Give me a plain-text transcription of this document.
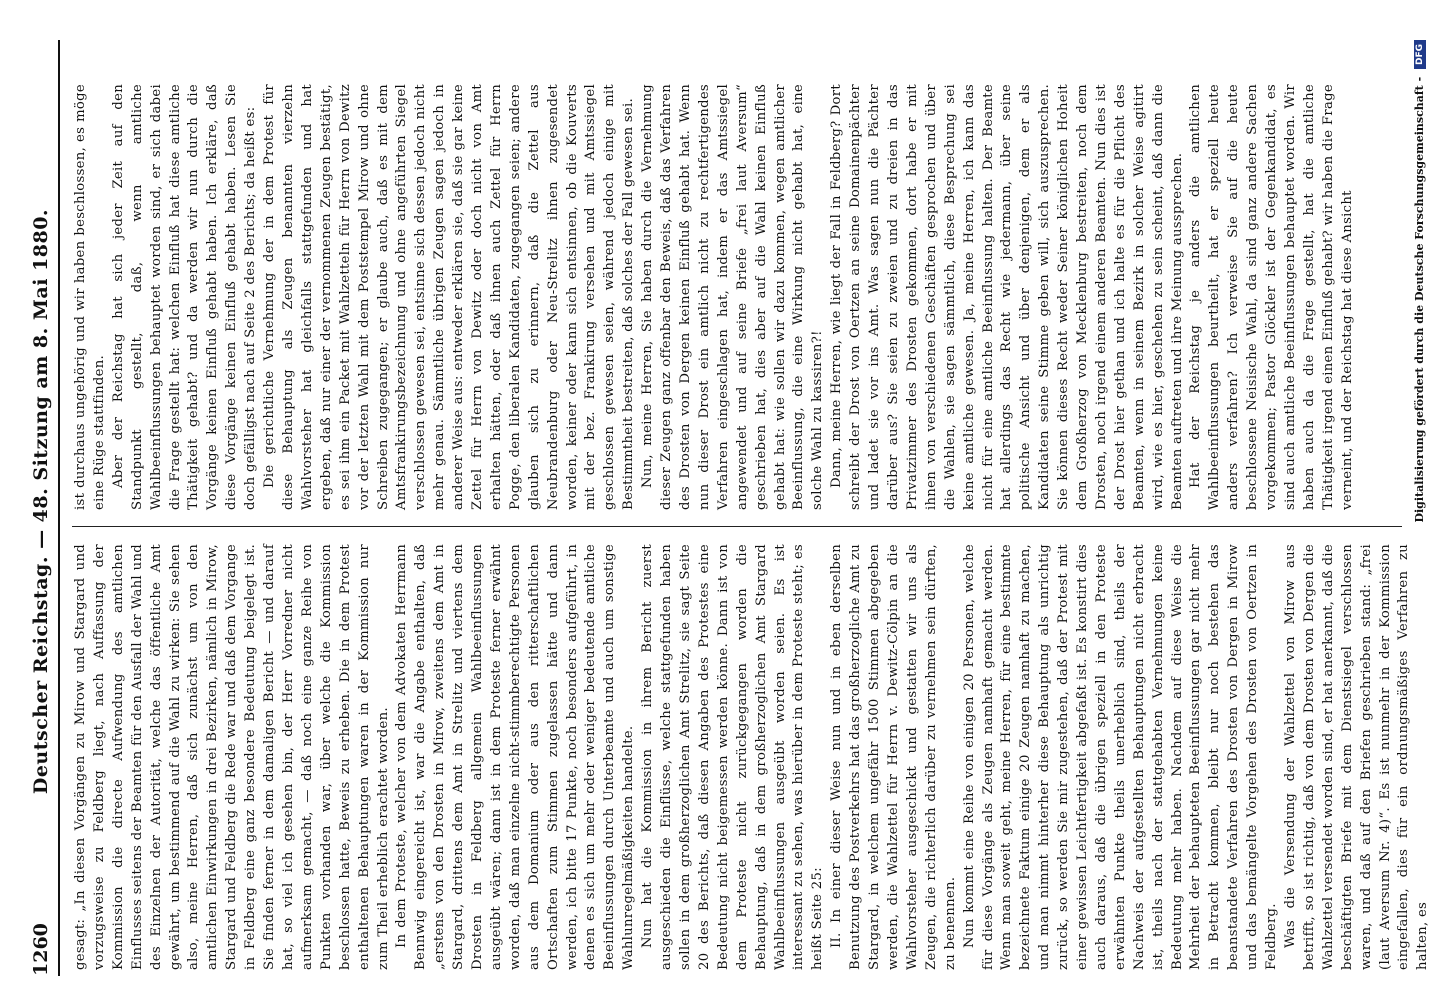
1260
Deutscher Reichstag. — 48. Sitzung am 8. Mai 1880. gesagt: „In diesen Vorgängen zu Mirow und Stargard und vorzugsweise zu Feldberg liegt, nach Auffassung der Kommission die directe Aufwendung des amtlichen Einflusses seitens der Beamten für den Ausfall der Wahl und des Einzelnen der Autorität, welche das öffentliche Amt gewährt, um bestimmend auf die Wahl zu wirken: Sie sehen also, meine Herren, daß sich zunächst um von den amtlichen Einwirkungen in drei Bezirken, nämlich in Mirow, Stargard und Feldberg die Rede war und daß dem Vorgange in Feldberg eine ganz besondere Bedeutung beigelegt ist. Sie finden ferner in dem damaligen Bericht — und darauf hat, so viel ich gesehen bin, der Herr Vorredner nicht aufmerksam gemacht, — daß noch eine ganze Reihe von Punkten vorhanden war, über welche die Kommission beschlossen hatte, Beweis zu erheben. Die in dem Protest enthaltenen Behauptungen waren in der Kommission nur zum Theil erheblich erachtet worden. In dem Proteste, welcher von dem Advokaten Herrmann Bennwig eingereicht ist, war die Angabe enthalten, daß „erstens von den Drosten in Mirow, zweitens dem Amt in Stargard, drittens dem Amt in Strelitz und viertens dem Drosten in Feldberg allgemein Wahlbeeinflussungen ausgeübt wären; dann ist in dem Proteste ferner erwähnt worden, daß man einzelne nicht-stimmberechtigte Personen aus dem Domanium oder aus den ritterschaftlichen Ortschaften zum Stimmen zugelassen hätte und dann werden, ich bitte 17 Punkte, noch besonders aufgeführt, in denen es sich um mehr oder weniger bedeutende amtliche Beeinflussungen durch Unterbeamte und auch um sonstige Wahlunregelmäßigkeiten handelte. Nun hat die Kommission in ihrem Bericht zuerst ausgeschieden die Einflüsse, welche stattgefunden haben sollen in dem großherzoglichen Amt Strelitz, sie sagt Seite 20 des Berichts, daß diesen Angaben des Protestes eine Bedeutung nicht beigemessen werden könne. Dann ist von dem Proteste nicht zurückgegangen worden die Behauptung, daß in dem großherzoglichen Amt Stargard Wahlbeeinflussungen ausgeübt worden seien. Es ist interessant zu sehen, was hierüber in dem Proteste steht; es heißt Seite 25: II. In einer dieser Weise nun und in eben derselben Benutzung des Postverkehrs hat das großherzogliche Amt zu Stargard, in welchem ungefähr 1500 Stimmen abgegeben werden, die Wahlzettel für Herrn v. Dewitz-Cölpin an die Wahlvorsteher ausgeschickt und gestatten wir uns als Zeugen, die richterlich darüber zu vernehmen sein dürften, zu benennen. Nun kommt eine Reihe von einigen 20 Personen, welche für diese Vorgänge als Zeugen namhaft gemacht werden. Wenn man soweit geht, meine Herren, für eine bestimmte bezeichnete Faktum einige 20 Zeugen namhaft zu machen, und man nimmt hinterher diese Behauptung als unrichtig zurück, so werden Sie mir zugestehen, daß der Protest mit einer gewissen Leichtfertigkeit abgefaßt ist. Es konstirt dies auch daraus, daß die übrigen speziell in den Proteste erwähnten Punkte theils unerheblich sind, theils der Nachweis der aufgestellten Behauptungen nicht erbracht ist, theils nach der stattgehabten Vernehmungen keine Bedeutung mehr haben. Nachdem auf diese Weise die Mehrheit der behaupteten Beeinflussungen gar nicht mehr in Betracht kommen, bleibt nur noch bestehen das beanstandete Verfahren des Drosten von Dergen in Mirow und das bemängelte Vorgehen des Drosten von Oertzen in Feldberg. Was die Versendung der Wahlzettel von Mirow aus betrifft, so ist richtig, daß von dem Drosten von Dergen die Wahlzettel versendet worden sind, er hat anerkannt, daß die beschäftigten Briefe mit dem Dienstsiegel verschlossen waren, und daß auf den Briefen geschrieben stand: „frei (laut Aversum Nr. 4)“. Es ist nunmehr in der Kommission eingefallen, dies für ein ordnungsmäßiges Verfahren zu halten, es

ist durchaus ungehörig und wir haben beschlossen, es möge eine Rüge stattfinden. Aber der Reichstag hat sich jeder Zeit auf den Standpunkt gestellt, daß, wenn amtliche Wahlbeeinflussungen behauptet worden sind, er sich dabei die Frage gestellt hat: welchen Einfluß hat diese amtliche Thätigkeit gehabt? und da werden wir nun durch die Vorgänge keinen Einfluß gehabt haben. Ich erkläre, daß diese Vorgänge keinen Einfluß gehabt haben. Lesen Sie doch gefälligst nach auf Seite 2 des Berichts; da heißt es: Die gerichtliche Vernehmung der in dem Protest für diese Behauptung als Zeugen benannten vierzehn Wahlvorsteher hat gleichfalls stattgefunden und hat ergeben, daß nur einer der vernommenen Zeugen bestätigt, es sei ihm ein Packet mit Wahlzetteln für Herrn von Dewitz vor der letzten Wahl mit dem Poststempel Mirow und ohne Schreiben zugegangen; er glaube auch, daß es mit dem Amtsfrankirungsbezeichnung und ohne angeführten Siegel verschlossen gewesen sei, entsinne sich dessen jedoch nicht mehr genau. Sämmtliche übrigen Zeugen sagen jedoch in anderer Weise aus: entweder erklären sie, daß sie gar keine Zettel für Herrn von Dewitz oder doch nicht von Amt erhalten hätten, oder daß ihnen auch Zettel für Herrn Pogge, den liberalen Kandidaten, zugegangen seien; andere glauben sich zu erinnern, daß die Zettel aus Neubrandenburg oder Neu-Strelitz ihnen zugesendet worden, keiner oder kann sich entsinnen, ob die Kouverts mit der bez. Frankirung versehen und mit Amtssiegel geschlossen gewesen seien, während jedoch einige mit Bestimmtheit bestreiten, daß solches der Fall gewesen sei. Nun, meine Herren, Sie haben durch die Vernehmung dieser Zeugen ganz offenbar den Beweis, daß das Verfahren des Drosten von Dergen keinen Einfluß gehabt hat. Wenn nun dieser Drost ein amtlich nicht zu rechtfertigendes Verfahren eingeschlagen hat, indem er das Amtssiegel angewendet und auf seine Briefe „frei laut Aversum“ geschrieben hat, dies aber auf die Wahl keinen Einfluß gehabt hat: wie sollen wir dazu kommen, wegen amtlicher Beeinflussung, die eine Wirkung nicht gehabt hat, eine solche Wahl zu kassiren?! Dann, meine Herren, wie liegt der Fall in Feldberg? Dort schreibt der Drost von Oertzen an seine Domainenpächter und ladet sie vor ins Amt. Was sagen nun die Pächter darüber aus? Sie seien zu zweien und zu dreien in das Privatzimmer des Drosten gekommen, dort habe er mit ihnen von verschiedenen Geschäften gesprochen und über die Wahlen, sie sagen sämmtlich, diese Besprechung sei keine amtliche gewesen. Ja, meine Herren, ich kann das nicht für eine amtliche Beeinflussung halten. Der Beamte hat allerdings das Recht wie jedermann, über seine politische Ansicht und über denjenigen, dem er als Kandidaten seine Stimme geben will, sich auszusprechen. Sie können dieses Recht weder Seiner königlichen Hoheit dem Großherzog von Mecklenburg bestreiten, noch dem Drosten, noch irgend einem anderen Beamten. Nun dies ist der Drost hier gethan und ich halte es für die Pflicht des Beamten, wenn in seinem Bezirk in solcher Weise agitirt wird, wie es hier, geschehen zu sein scheint, daß dann die Beamten auftreten und ihre Meinung aussprechen. Hat der Reichstag je anders die amtlichen Wahlbeeinflussungen beurtheilt, hat er speziell heute anders verfahren? Ich verweise Sie auf die heute beschlossene Neisische Wahl, da sind ganz andere Sachen vorgekommen; Pastor Glöckler ist der Gegenkandidat, es sind auch amtliche Beeinflussungen behauptet worden. Wir haben auch da die Frage gestellt, hat die amtliche Thätigkeit irgend einen Einfluß gehabt? wir haben die Frage verneint, und der Reichstag hat diese Ansicht	Digitalisierung gefördert durch die Deutsche Forschungsgemeinschaft - DFG
